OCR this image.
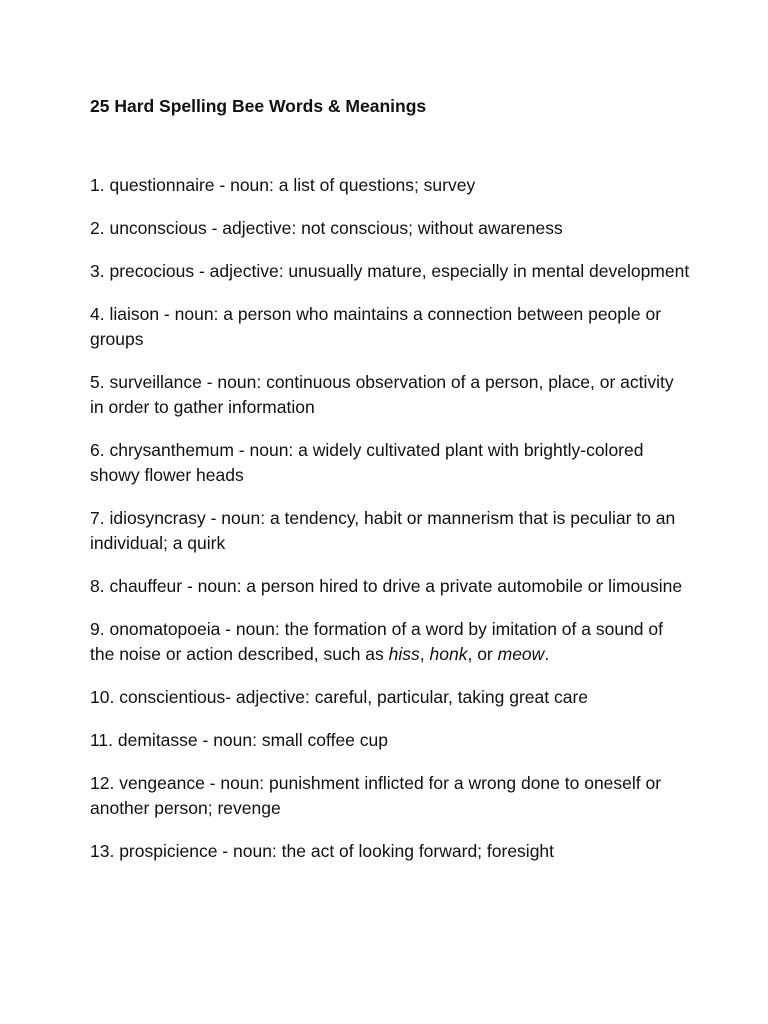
25 Hard Spelling Bee Words & Meanings
1. questionnaire - noun: a list of questions; survey
2. unconscious - adjective: not conscious; without awareness
3. precocious - adjective: unusually mature, especially in mental development
4. liaison - noun: a person who maintains a connection between people or groups
5. surveillance - noun: continuous observation of a person, place, or activity in order to gather information
6. chrysanthemum - noun: a widely cultivated plant with brightly-colored showy flower heads
7. idiosyncrasy - noun: a tendency, habit or mannerism that is peculiar to an individual; a quirk
8. chauffeur - noun: a person hired to drive a private automobile or limousine
9. onomatopoeia - noun: the formation of a word by imitation of a sound of the noise or action described, such as hiss, honk, or meow.
10. conscientious- adjective: careful, particular, taking great care
11. demitasse - noun: small coffee cup
12. vengeance - noun: punishment inflicted for a wrong done to oneself or another person; revenge
13. prospicience - noun: the act of looking forward; foresight
